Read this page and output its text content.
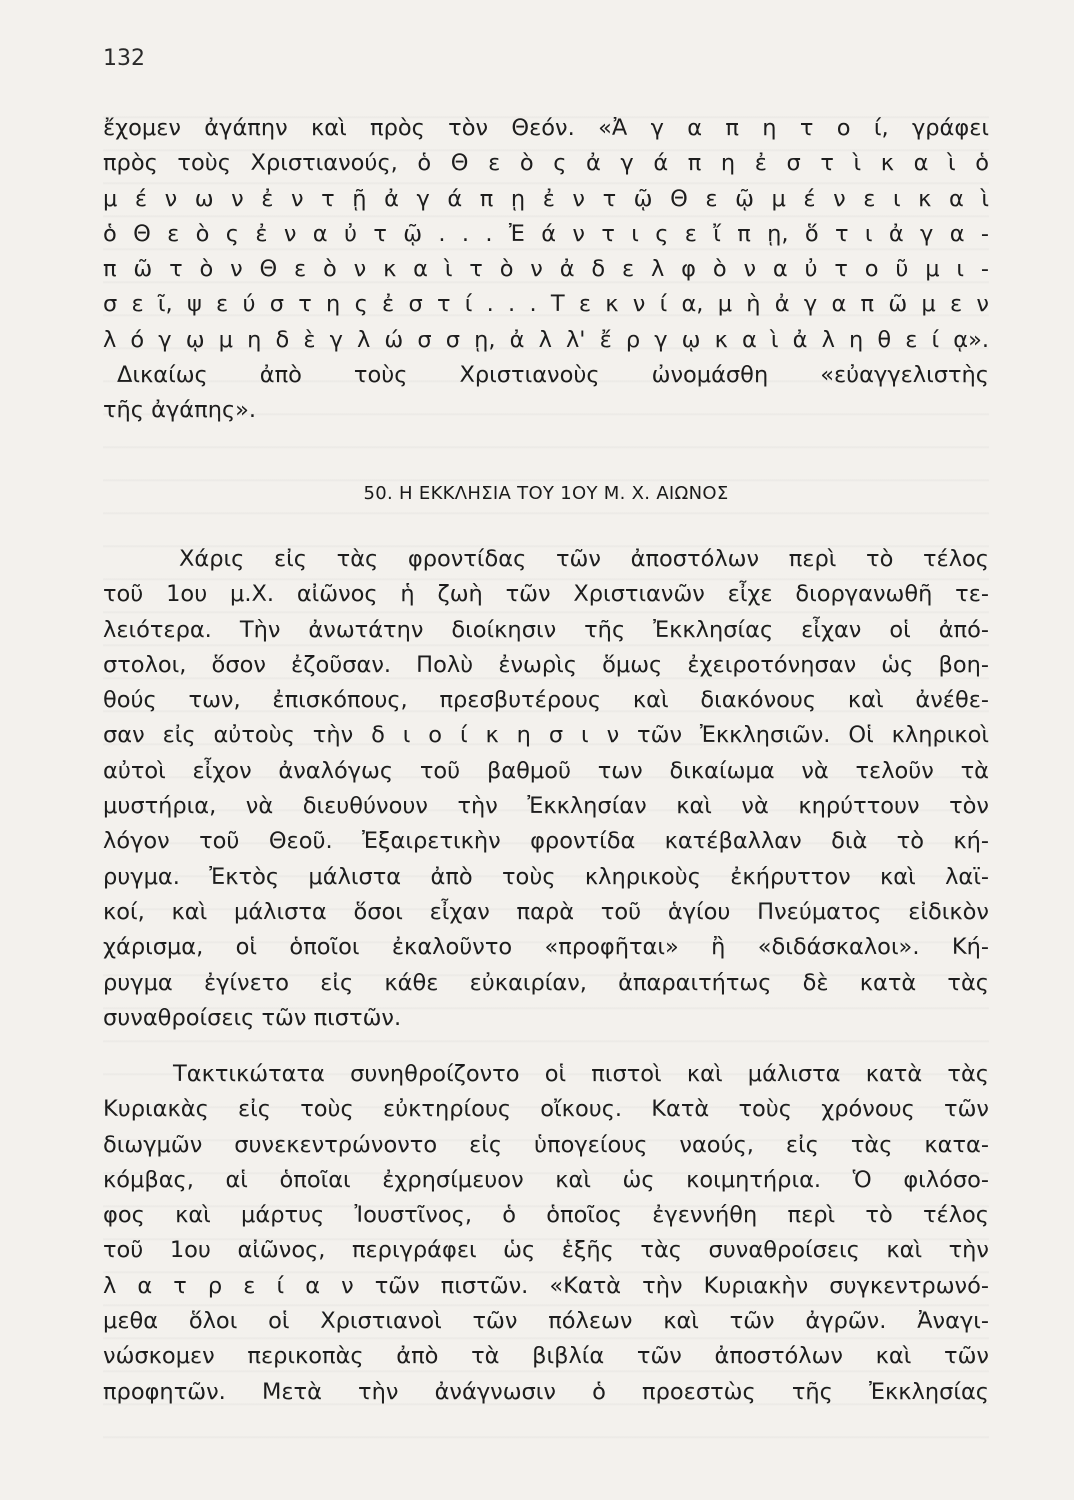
132
ἔχομεν ἀγάπην καὶ πρὸς τὸν Θεόν. «Ἀ γ α π η τ ο ί, γράφει
πρὸς τοὺς Χριστιανούς, ὁ Θ ε ὸ ς ἀ γ ά π η ἐ σ τ ὶ κ α ὶ ὁ
μ έ ν ω ν ἐ ν τ ῇ ἀ γ ά π ῃ ἐ ν τ ῷ Θ ε ῷ μ έ ν ε ι κ α ὶ
ὁ Θ ε ὸ ς ἐ ν α ὐ τ ῷ . . . Ἐ ά ν τ ι ς ε ἴ π ῃ, ὅ τ ι ἀ γ α -
π ῶ τ ὸ ν Θ ε ὸ ν κ α ὶ τ ὸ ν ἀ δ ε λ φ ὸ ν α ὐ τ ο ῦ μ ι -
σ ε ῖ, ψ ε ύ σ τ η ς ἐ σ τ ί . . . Τ ε κ ν ί α, μ ὴ ἀ γ α π ῶ μ ε ν
λ ό γ ῳ μ η δ ὲ γ λ ώ σ σ ῃ, ἀ λ λ' ἔ ρ γ ῳ κ α ὶ ἀ λ η θ ε ί ᾳ».
Δικαίως ἀπὸ τοὺς Χριστιανοὺς ὠνομάσθη «εὐαγγελιστὴς
τῆς ἀγάπης».
50. Η ΕΚΚΛΗΣΙΑ ΤΟΥ 1ΟΥ Μ. Χ. ΑΙΩΝΟΣ
Χάρις εἰς τὰς φροντίδας τῶν ἀποστόλων περὶ τὸ τέλος
τοῦ 1ου μ.Χ. αἰῶνος ἡ ζωὴ τῶν Χριστιανῶν εἶχε διοργανωθῆ τε-
λειότερα. Τὴν ἀνωτάτην διοίκησιν τῆς Ἐκκλησίας εἶχαν οἱ ἀπό-
στολοι, ὅσον ἐζοῦσαν. Πολὺ ἐνωρὶς ὅμως ἐχειροτόνησαν ὡς βοη-
θούς των, ἐπισκόπους, πρεσβυτέρους καὶ διακόνους καὶ ἀνέθε-
σαν εἰς αὐτοὺς τὴν δ ι ο ί κ η σ ι ν τῶν Ἐκκλησιῶν. Οἱ κληρικοὶ
αὐτοὶ εἶχον ἀναλόγως τοῦ βαθμοῦ των δικαίωμα νὰ τελοῦν τὰ
μυστήρια, νὰ διευθύνουν τὴν Ἐκκλησίαν καὶ νὰ κηρύττουν τὸν
λόγον τοῦ Θεοῦ. Ἐξαιρετικὴν φροντίδα κατέβαλλαν διὰ τὸ κή-
ρυγμα. Ἐκτὸς μάλιστα ἀπὸ τοὺς κληρικοὺς ἐκήρυττον καὶ λαϊ-
κοί, καὶ μάλιστα ὅσοι εἶχαν παρὰ τοῦ ἁγίου Πνεύματος εἰδικὸν
χάρισμα, οἱ ὁποῖοι ἐκαλοῦντο «προφῆται» ἢ «διδάσκαλοι». Κή-
ρυγμα ἐγίνετο εἰς κάθε εὐκαιρίαν, ἀπαραιτήτως δὲ κατὰ τὰς
συναθροίσεις τῶν πιστῶν.
Τακτικώτατα συνηθροίζοντο οἱ πιστοὶ καὶ μάλιστα κατὰ τὰς
Κυριακὰς εἰς τοὺς εὐκτηρίους οἴκους. Κατὰ τοὺς χρόνους τῶν
διωγμῶν συνεκεντρώνοντο εἰς ὑπογείους ναούς, εἰς τὰς κατα-
κόμβας, αἱ ὁποῖαι ἐχρησίμευον καὶ ὡς κοιμητήρια. Ὁ φιλόσο-
φος καὶ μάρτυς Ἰουστῖνος, ὁ ὁποῖος ἐγεννήθη περὶ τὸ τέλος
τοῦ 1ου αἰῶνος, περιγράφει ὡς ἑξῆς τὰς συναθροίσεις καὶ τὴν
λ α τ ρ ε ί α ν τῶν πιστῶν. «Κατὰ τὴν Κυριακὴν συγκεντρωνό-
μεθα ὅλοι οἱ Χριστιανοὶ τῶν πόλεων καὶ τῶν ἀγρῶν. Ἀναγι-
νώσκομεν περικοπὰς ἀπὸ τὰ βιβλία τῶν ἀποστόλων καὶ τῶν
προφητῶν. Μετὰ τὴν ἀνάγνωσιν ὁ προεστὼς τῆς Ἐκκλησίας
